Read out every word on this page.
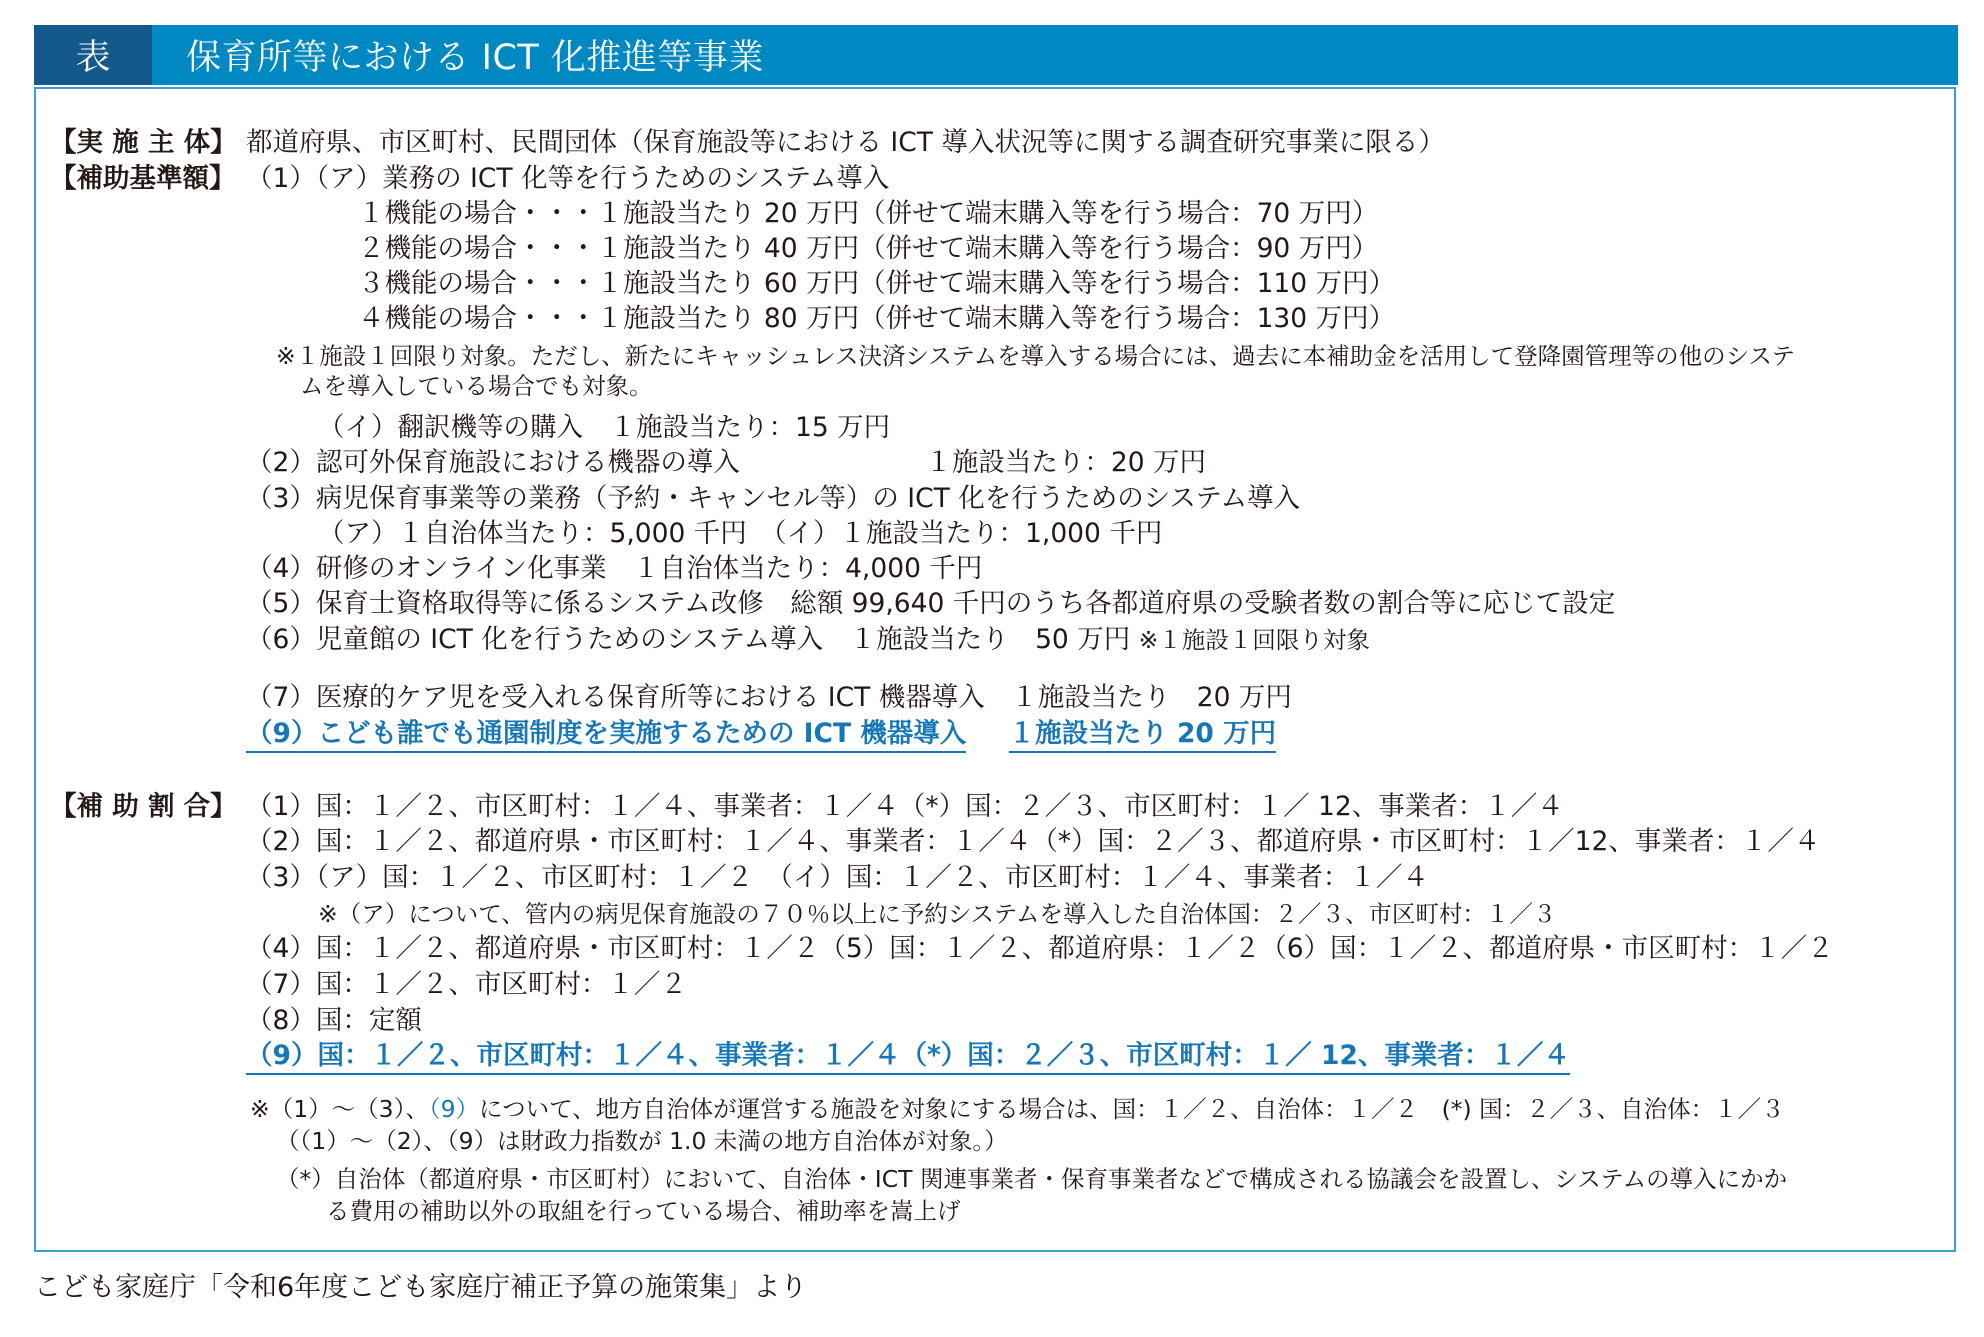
表	保育所等における ICT 化推進等事業
【実 施 主 体】 都道府県、市区町村、民間団体（保育施設等における ICT 導入状況等に関する調査研究事業に限る）
【補助基準額】 （1）（ア）業務の ICT 化等を行うためのシステム導入
１機能の場合・・・１施設当たり 20 万円（併せて端末購入等を行う場合：70 万円）
２機能の場合・・・１施設当たり 40 万円（併せて端末購入等を行う場合：90 万円）
３機能の場合・・・１施設当たり 60 万円（併せて端末購入等を行う場合：110 万円）
４機能の場合・・・１施設当たり 80 万円（併せて端末購入等を行う場合：130 万円）
※１施設１回限り対象。ただし、新たにキャッシュレス決済システムを導入する場合には、過去に本補助金を活用して登降園管理等の他のシステ
ムを導入している場合でも対象。
（イ）翻訳機等の購入　１施設当たり：15 万円
（2）認可外保育施設における機器の導入　　　　　　　１施設当たり：20 万円
（3）病児保育事業等の業務（予約・キャンセル等）の ICT 化を行うためのシステム導入
（ア）１自治体当たり：5,000 千円　（イ）１施設当たり：1,000 千円
（4）研修のオンライン化事業　１自治体当たり：4,000 千円
（5）保育士資格取得等に係るシステム改修　総額 99,640 千円のうち各都道府県の受験者数の割合等に応じて設定
（6）児童館の ICT 化を行うためのシステム導入　１施設当たり　50 万円 ※１施設１回限り対象
（7）医療的ケア児を受入れる保育所等における ICT 機器導入　１施設当たり　20 万円
（9）こども誰でも通園制度を実施するための ICT 機器導入 １施設当たり 20 万円
【補 助 割 合】 （1）国：１／２、市区町村：１／４、事業者：１／４（*）国：２／３、市区町村：１／ 12、事業者：１／４
（2）国：１／２、都道府県・市区町村：１／４、事業者：１／４（*）国：２／３、都道府県・市区町村：１／12、事業者：１／４
（3）（ア）国：１／２、市区町村：１／２　（イ）国：１／２、市区町村：１／４、事業者：１／４
※（ア）について、管内の病児保育施設の７０％以上に予約システムを導入した自治体国：２／３、市区町村：１／３
（4）国：１／２、都道府県・市区町村：１／２（5）国：１／２、都道府県：１／２（6）国：１／２、都道府県・市区町村：１／２
（7）国：１／２、市区町村：１／２
（8）国：定額
（9）国：１／２、市区町村：１／４、事業者：１／４（*）国：２／３、市区町村：１／ 12、事業者：１／４
※（1）～（3）、（9）について、地方自治体が運営する施設を対象にする場合は、国：１／２、自治体：１／２　(*) 国：２／３、自治体：１／３
（（1）～（2）、（9）は財政力指数が 1.0 未満の地方自治体が対象。）
（*）自治体（都道府県・市区町村）において、自治体・ICT 関連事業者・保育事業者などで構成される協議会を設置し、システムの導入にかか
る費用の補助以外の取組を行っている場合、補助率を嵩上げ
こども家庭庁「令和6年度こども家庭庁補正予算の施策集」より
